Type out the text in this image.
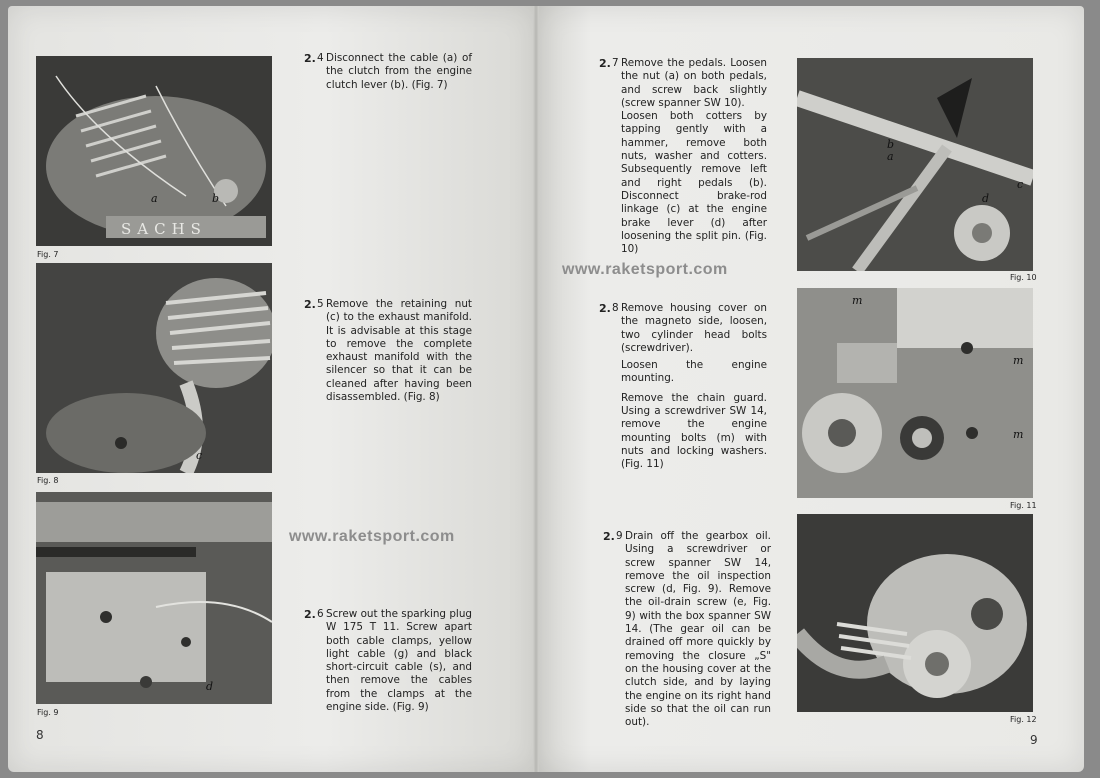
SACHS
a	b
Fig. 7
c
Fig. 8
d
Fig. 9
2. 4 Disconnect the cable (a) of the clutch from the engine clutch lever (b). (Fig. 7)

2. 5 Remove the retaining nut (c) to the exhaust manifold. It is advisable at this stage to remove the complete exhaust manifold with the silencer so that it can be cleaned after having been disassembled. (Fig. 8)

2. 6 Screw out the sparking plug W 175 T 11. Screw apart both cable clamps, yellow light cable (g) and black short-circuit cable (s), and then remove the cables from the clamps at the engine side. (Fig. 9)

www.raketsport.com
8
2. 7 Remove the pedals. Loosen the nut (a) on both pedals, and screw back slightly (screw spanner SW 10).

Loosen both cotters by tapping gently with a hammer, remove both nuts, washer and cotters. Subsequently remove left and right pedals (b). Disconnect brake-rod linkage (c) at the engine brake lever (d) after loosening the split pin. (Fig. 10)

www.raketsport.com
2. 8 Remove housing cover on the magneto side, loosen, two cylinder head bolts (screwdriver).

Loosen the engine mounting.

Remove the chain guard. Using a screwdriver SW 14, remove the engine mounting bolts (m) with nuts and locking washers. (Fig. 11)

2. 9 Drain off the gearbox oil. Using a screwdriver or screw spanner SW 14, remove the oil inspection screw (d, Fig. 9). Remove the oil-drain screw (e, Fig. 9) with the box spanner SW 14. (The gear oil can be drained off more quickly by removing the closure „S" on the housing cover at the clutch side, and by laying the engine on its right hand side so that the oil can run out).

b
a
c
d
Fig. 10
m
m
m
Fig. 11
Fig. 12
9
